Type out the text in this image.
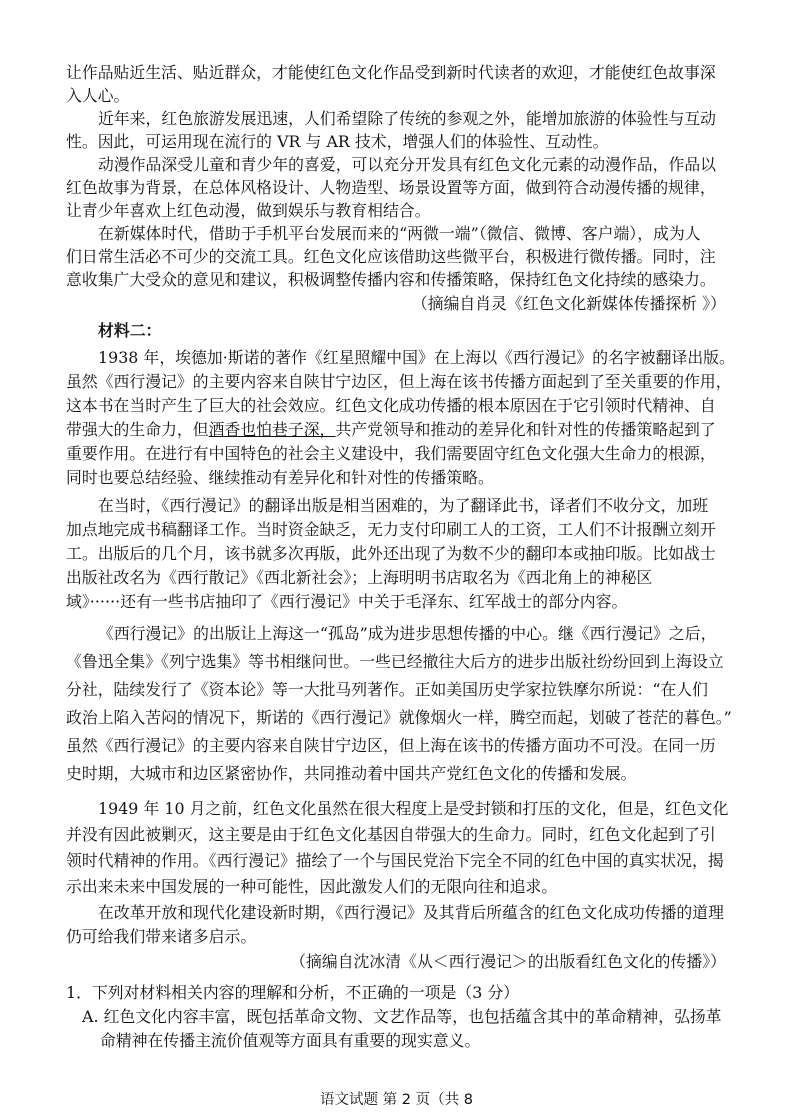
让作品贴近生活、贴近群众，才能使红色文化作品受到新时代读者的欢迎，才能使红色故事深
入人心。
近年来，红色旅游发展迅速，人们希望除了传统的参观之外，能增加旅游的体验性与互动
性。因此，可运用现在流行的 VR 与 AR 技术，增强人们的体验性、互动性。
动漫作品深受儿童和青少年的喜爱，可以充分开发具有红色文化元素的动漫作品，作品以
红色故事为背景，在总体风格设计、人物造型、场景设置等方面，做到符合动漫传播的规律，
让青少年喜欢上红色动漫，做到娱乐与教育相结合。
在新媒体时代，借助于手机平台发展而来的“两微一端”（微信、微博、客户端），成为人
们日常生活必不可少的交流工具。红色文化应该借助这些微平台，积极进行微传播。同时，注
意收集广大受众的意见和建议，积极调整传播内容和传播策略，保持红色文化持续的感染力。
（摘编自肖灵《红色文化新媒体传播探析 》）
材料二：
1938 年，埃德加·斯诺的著作《红星照耀中国》在上海以《西行漫记》的名字被翻译出版。
虽然《西行漫记》的主要内容来自陕甘宁边区，但上海在该书传播方面起到了至关重要的作用，
这本书在当时产生了巨大的社会效应。红色文化成功传播的根本原因在于它引领时代精神、自
带强大的生命力，但酒香也怕巷子深，共产党领导和推动的差异化和针对性的传播策略起到了
重要作用。在进行有中国特色的社会主义建设中，我们需要固守红色文化强大生命力的根源，
同时也要总结经验、继续推动有差异化和针对性的传播策略。
在当时，《西行漫记》的翻译出版是相当困难的，为了翻译此书，译者们不收分文，加班
加点地完成书稿翻译工作。当时资金缺乏，无力支付印刷工人的工资，工人们不计报酬立刻开
工。出版后的几个月，该书就多次再版，此外还出现了为数不少的翻印本或抽印版。比如战士
出版社改名为《西行散记》《西北新社会》；上海明明书店取名为《西北角上的神秘区
域》······还有一些书店抽印了《西行漫记》中关于毛泽东、红军战士的部分内容。
《西行漫记》的出版让上海这一“孤岛”成为进步思想传播的中心。继《西行漫记》之后，
《鲁迅全集》《列宁选集》等书相继问世。一些已经撤往大后方的进步出版社纷纷回到上海设立
分社，陆续发行了《资本论》等一大批马列著作。正如美国历史学家拉铁摩尔所说：“在人们
政治上陷入苦闷的情况下，斯诺的《西行漫记》就像烟火一样，腾空而起，划破了苍茫的暮色。”
虽然《西行漫记》的主要内容来自陕甘宁边区，但上海在该书的传播方面功不可没。在同一历
史时期，大城市和边区紧密协作，共同推动着中国共产党红色文化的传播和发展。
1949 年 10 月之前，红色文化虽然在很大程度上是受封锁和打压的文化，但是，红色文化
并没有因此被剿灭，这主要是由于红色文化基因自带强大的生命力。同时，红色文化起到了引
领时代精神的作用。《西行漫记》描绘了一个与国民党治下完全不同的红色中国的真实状况，揭
示出来未来中国发展的一种可能性，因此激发人们的无限向往和追求。
在改革开放和现代化建设新时期，《西行漫记》及其背后所蕴含的红色文化成功传播的道理
仍可给我们带来诸多启示。
（摘编自沈冰清《从＜西行漫记＞的出版看红色文化的传播》）
1．下列对材料相关内容的理解和分析，不正确的一项是（3 分）
A. 红色文化内容丰富，既包括革命文物、文艺作品等，也包括蕴含其中的革命精神，弘扬革
命精神在传播主流价值观等方面具有重要的现实意义。
语文试题 第 2 页（共 8
